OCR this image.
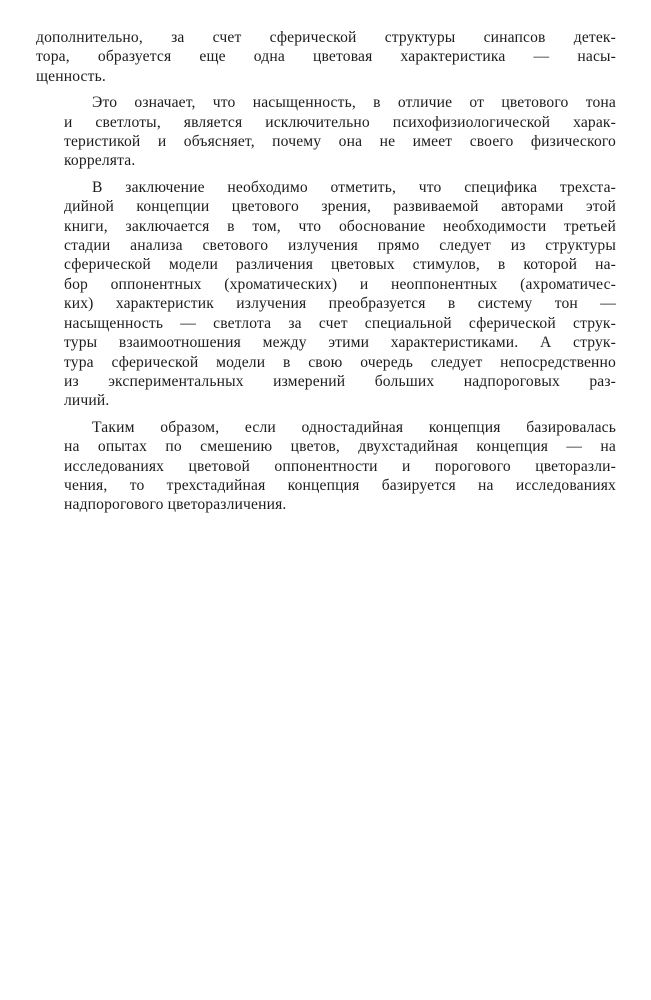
дополнительно, за счет сферической структуры синапсов детек-
тора, образуется еще одна цветовая характеристика — насы-
щенность.
Это означает, что насыщенность, в отличие от цветового тона
и светлоты, является исключительно психофизиологической харак-
теристикой и объясняет, почему она не имеет своего физического
коррелята.
В заключение необходимо отметить, что специфика трехста-
дийной концепции цветового зрения, развиваемой авторами этой
книги, заключается в том, что обоснование необходимости третьей
стадии анализа светового излучения прямо следует из структуры
сферической модели различения цветовых стимулов, в которой на-
бор оппонентных (хроматических) и неоппонентных (ахроматичес-
ких) характеристик излучения преобразуется в систему тон —
насыщенность — светлота за счет специальной сферической струк-
туры взаимоотношения между этими характеристиками. А струк-
тура сферической модели в свою очередь следует непосредственно
из экспериментальных измерений больших надпороговых раз-
личий.
Таким образом, если одностадийная концепция базировалась
на опытах по смешению цветов, двухстадийная концепция — на
исследованиях цветовой оппонентности и порогового цветоразли-
чения, то трехстадийная концепция базируется на исследованиях
надпорогового цветоразличения.
